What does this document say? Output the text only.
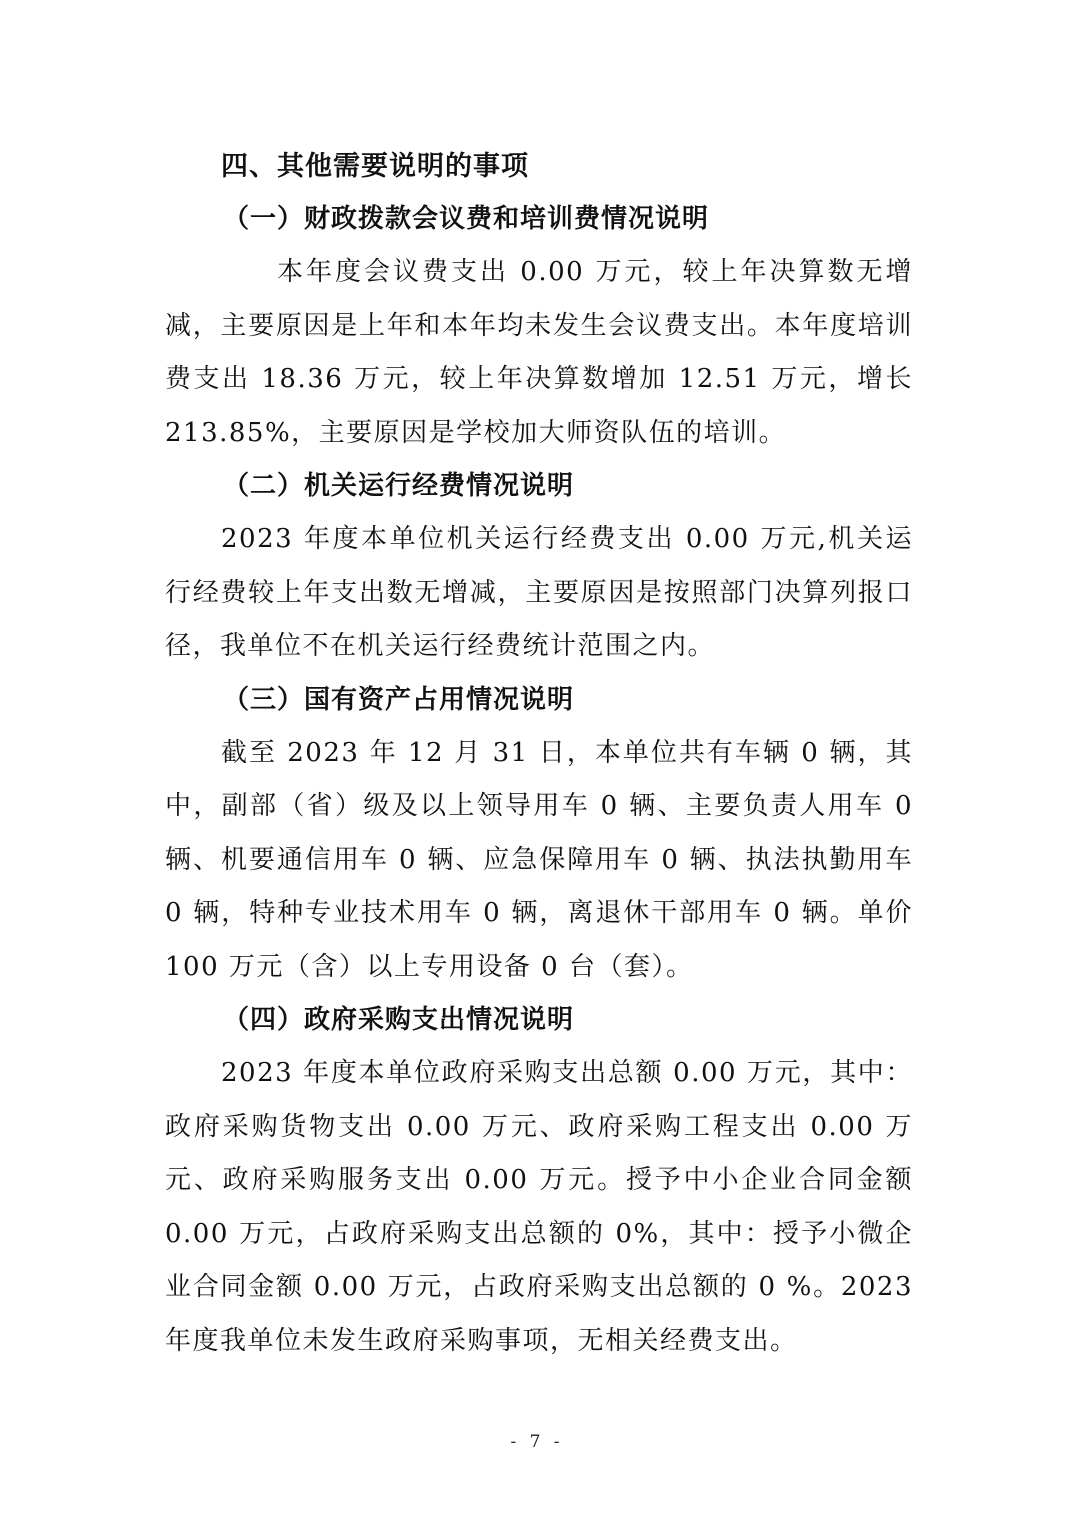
四、其他需要说明的事项
（一）财政拨款会议费和培训费情况说明

本年度会议费支出 0.00 万元，较上年决算数无增减，主要原因是上年和本年均未发生会议费支出。本年度培训费支出 18.36 万元，较上年决算数增加 12.51 万元，增长213.85%，主要原因是学校加大师资队伍的培训。

（二）机关运行经费情况说明

2023 年度本单位机关运行经费支出 0.00 万元,机关运行经费较上年支出数无增减，主要原因是按照部门决算列报口径，我单位不在机关运行经费统计范围之内。

（三）国有资产占用情况说明

截至 2023 年 12 月 31 日，本单位共有车辆 0 辆，其中，副部（省）级及以上领导用车 0 辆、主要负责人用车 0 辆、机要通信用车 0 辆、应急保障用车 0 辆、执法执勤用车 0 辆，特种专业技术用车 0 辆，离退休干部用车 0 辆。单价 100 万元（含）以上专用设备 0 台（套）。

（四）政府采购支出情况说明

2023 年度本单位政府采购支出总额 0.00 万元，其中：政府采购货物支出 0.00 万元、政府采购工程支出 0.00 万元、政府采购服务支出 0.00 万元。授予中小企业合同金额 0.00 万元，占政府采购支出总额的 0%，其中：授予小微企业合同金额 0.00 万元，占政府采购支出总额的 0 %。2023 年度我单位未发生政府采购事项，无相关经费支出。

- 7 -
